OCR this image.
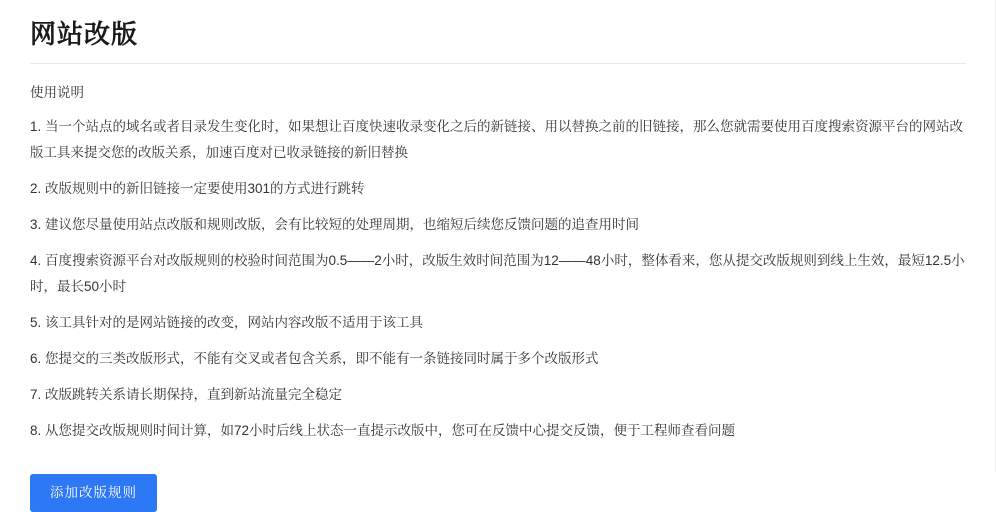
网站改版
使用说明
1. 当一个站点的域名或者目录发生变化时，如果想让百度快速收录变化之后的新链接、用以替换之前的旧链接，那么您就需要使用百度搜索资源平台的网站改版工具来提交您的改版关系，加速百度对已收录链接的新旧替换
2. 改版规则中的新旧链接一定要使用301的方式进行跳转
3. 建议您尽量使用站点改版和规则改版，会有比较短的处理周期，也缩短后续您反馈问题的追查用时间
4. 百度搜索资源平台对改版规则的校验时间范围为0.5——2小时，改版生效时间范围为12——48小时，整体看来，您从提交改版规则到线上生效，最短12.5小时，最长50小时
5. 该工具针对的是网站链接的改变，网站内容改版不适用于该工具
6. 您提交的三类改版形式，不能有交叉或者包含关系，即不能有一条链接同时属于多个改版形式
7. 改版跳转关系请长期保持，直到新站流量完全稳定
8. 从您提交改版规则时间计算，如72小时后线上状态一直提示改版中，您可在反馈中心提交反馈，便于工程师查看问题
添加改版规则
